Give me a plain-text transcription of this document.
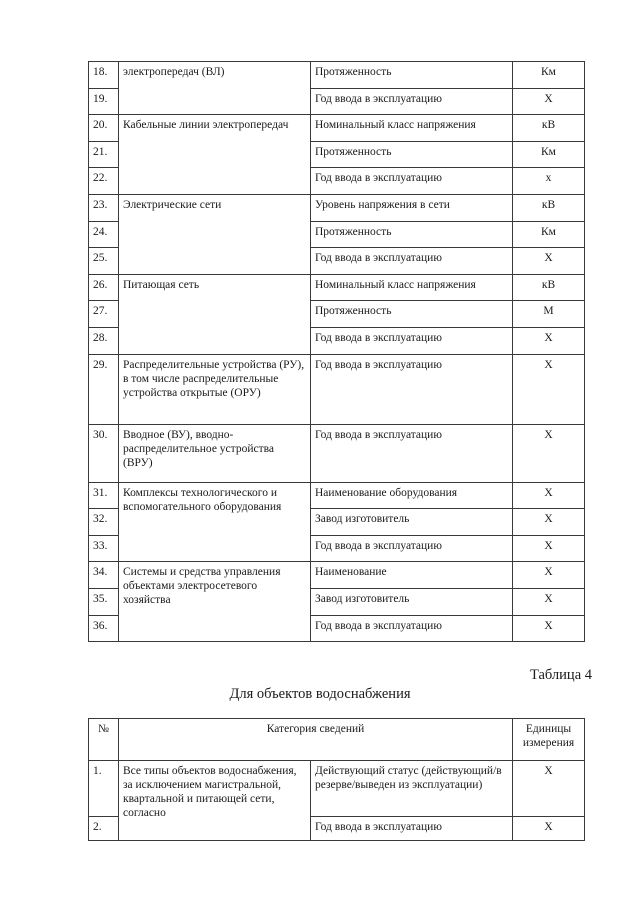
18.	электропередач (ВЛ)	Протяженность	Км
19.		Год ввода в эксплуатацию	Х
20.	Кабельные линии электропередач	Номинальный класс напряжения	кВ
21.		Протяженность	Км
22.		Год ввода в эксплуатацию	х
23.	Электрические сети	Уровень напряжения в сети	кВ
24.		Протяженность	Км
25.		Год ввода в эксплуатацию	Х
26.	Питающая сеть	Номинальный класс напряжения	кВ
27.		Протяженность	М
28.		Год ввода в эксплуатацию	Х
29.	Распределительные устройства (РУ), в том числе распределительные устройства открытые (ОРУ)	Год ввода в эксплуатацию	Х
30.	Вводное (ВУ), вводно-распределительное устройства (ВРУ)	Год ввода в эксплуатацию	Х
31.	Комплексы технологического и вспомогательного оборудования	Наименование оборудования	Х
32.		Завод изготовитель	Х
33.		Год ввода в эксплуатацию	Х
34.	Системы и средства управления объектами электросетевого хозяйства	Наименование	Х
35.		Завод изготовитель	Х
36.		Год ввода в эксплуатацию	Х
Таблица 4
Для объектов водоснабжения
№	Категория сведений		Единицы измерения
1.	Все типы объектов водоснабжения, за исключением магистральной, квартальной и питающей сети, согласно	Действующий статус (действующий/в резерве/выведен из эксплуатации)	Х
2.		Год ввода в эксплуатацию	Х
